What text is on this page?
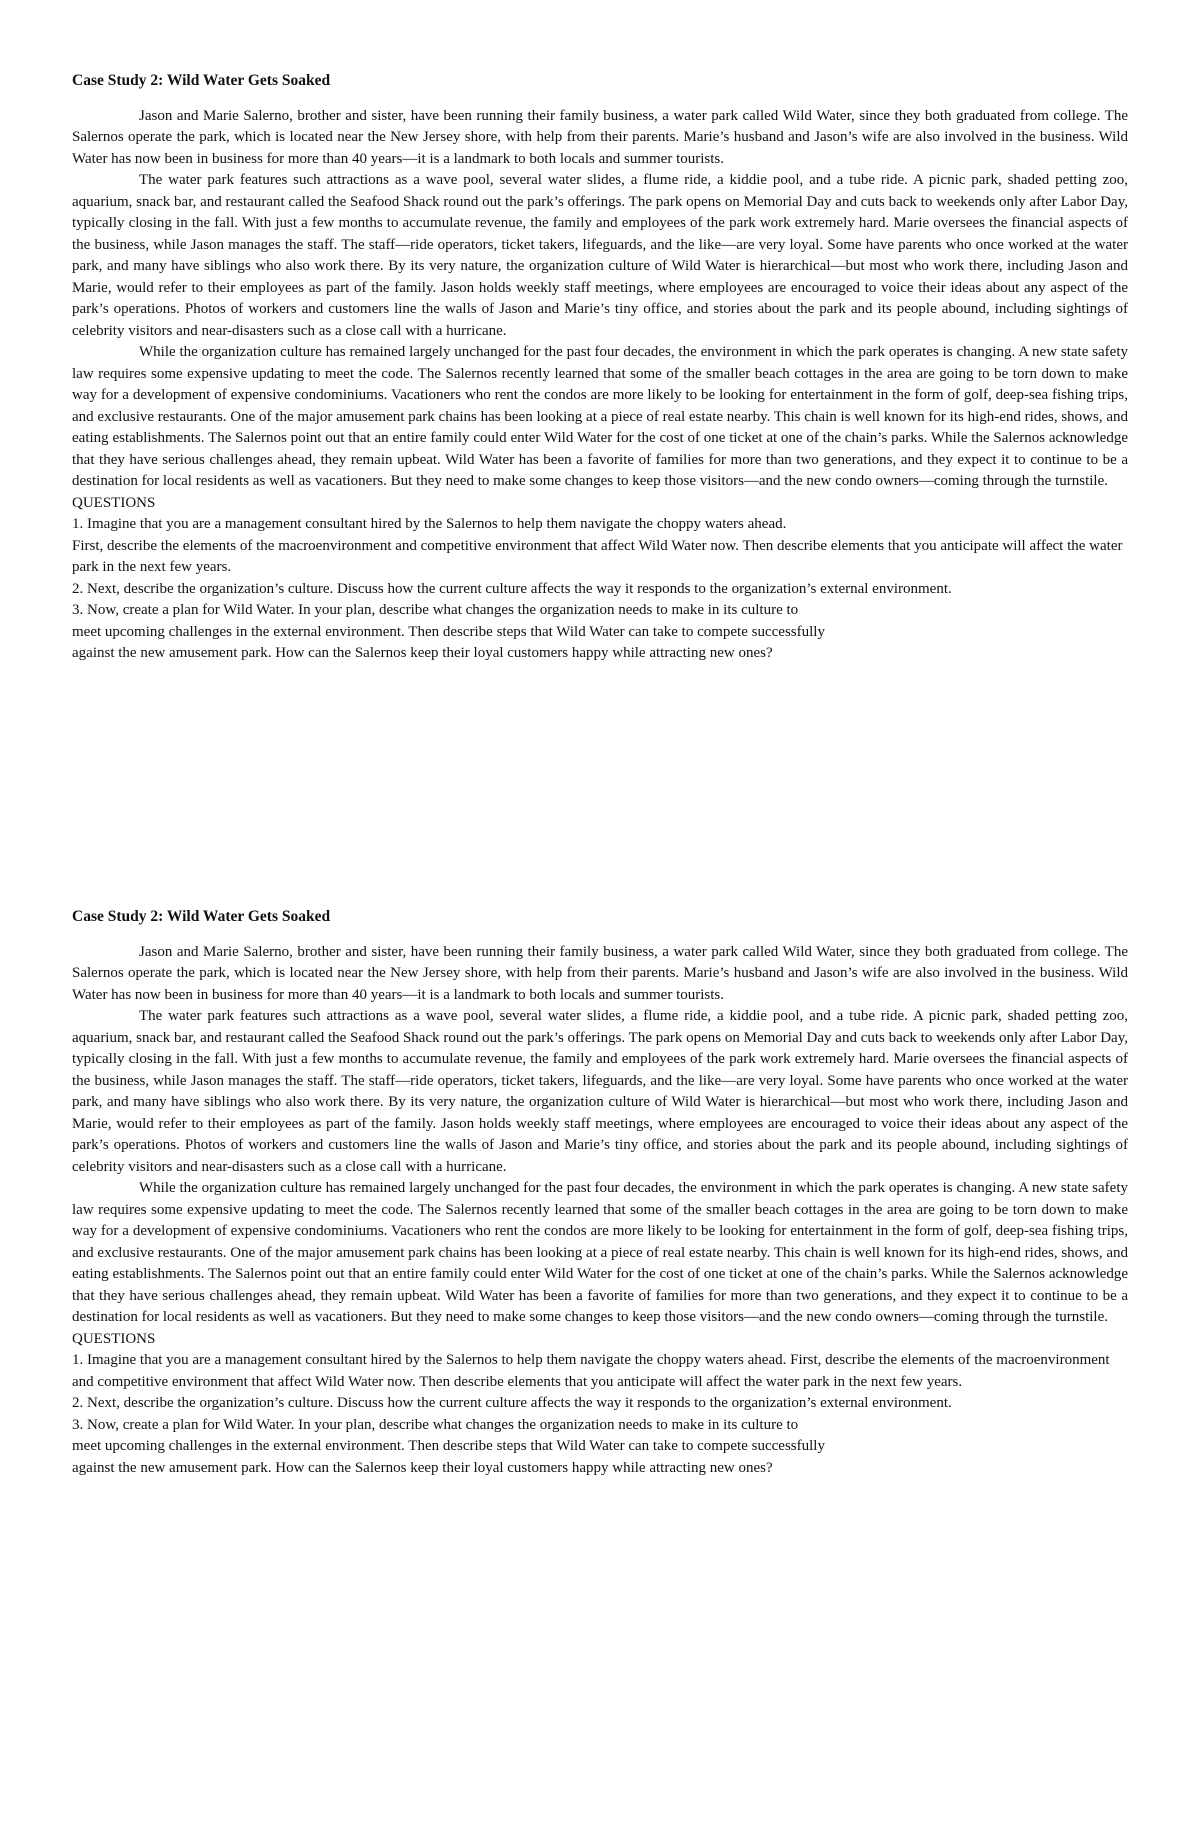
Case Study 2: Wild Water Gets Soaked

Jason and Marie Salerno, brother and sister, have been running their family business, a water park called Wild Water, since they both graduated from college. The Salernos operate the park, which is located near the New Jersey shore, with help from their parents. Marie’s husband and Jason’s wife are also involved in the business. Wild Water has now been in business for more than 40 years—it is a landmark to both locals and summer tourists.

The water park features such attractions as a wave pool, several water slides, a flume ride, a kiddie pool, and a tube ride. A picnic park, shaded petting zoo, aquarium, snack bar, and restaurant called the Seafood Shack round out the park’s offerings. The park opens on Memorial Day and cuts back to weekends only after Labor Day, typically closing in the fall. With just a few months to accumulate revenue, the family and employees of the park work extremely hard. Marie oversees the financial aspects of the business, while Jason manages the staff. The staff—ride operators, ticket takers, lifeguards, and the like—are very loyal. Some have parents who once worked at the water park, and many have siblings who also work there. By its very nature, the organization culture of Wild Water is hierarchical—but most who work there, including Jason and Marie, would refer to their employees as part of the family. Jason holds weekly staff meetings, where employees are encouraged to voice their ideas about any aspect of the park’s operations. Photos of workers and customers line the walls of Jason and Marie’s tiny office, and stories about the park and its people abound, including sightings of celebrity visitors and near-disasters such as a close call with a hurricane.

While the organization culture has remained largely unchanged for the past four decades, the environment in which the park operates is changing. A new state safety law requires some expensive updating to meet the code. The Salernos recently learned that some of the smaller beach cottages in the area are going to be torn down to make way for a development of expensive condominiums. Vacationers who rent the condos are more likely to be looking for entertainment in the form of golf, deep-sea fishing trips, and exclusive restaurants. One of the major amusement park chains has been looking at a piece of real estate nearby. This chain is well known for its high-end rides, shows, and eating establishments. The Salernos point out that an entire family could enter Wild Water for the cost of one ticket at one of the chain’s parks. While the Salernos acknowledge that they have serious challenges ahead, they remain upbeat. Wild Water has been a favorite of families for more than two generations, and they expect it to continue to be a destination for local residents as well as vacationers. But they need to make some changes to keep those visitors—and the new condo owners—coming through the turnstile.

QUESTIONS
1. Imagine that you are a management consultant hired by the Salernos to help them navigate the choppy waters ahead.
First, describe the elements of the macroenvironment and competitive environment that affect Wild Water now. Then describe elements that you anticipate will affect the water park in the next few years.
2. Next, describe the organization’s culture. Discuss how the current culture affects the way it responds to the organization’s external environment.
3. Now, create a plan for Wild Water. In your plan, describe what changes the organization needs to make in its culture to
meet upcoming challenges in the external environment. Then describe steps that Wild Water can take to compete successfully
against the new amusement park. How can the Salernos keep their loyal customers happy while attracting new ones?
Case Study 2: Wild Water Gets Soaked

Jason and Marie Salerno, brother and sister, have been running their family business, a water park called Wild Water, since they both graduated from college. The Salernos operate the park, which is located near the New Jersey shore, with help from their parents. Marie’s husband and Jason’s wife are also involved in the business. Wild Water has now been in business for more than 40 years—it is a landmark to both locals and summer tourists.

The water park features such attractions as a wave pool, several water slides, a flume ride, a kiddie pool, and a tube ride. A picnic park, shaded petting zoo, aquarium, snack bar, and restaurant called the Seafood Shack round out the park’s offerings. The park opens on Memorial Day and cuts back to weekends only after Labor Day, typically closing in the fall. With just a few months to accumulate revenue, the family and employees of the park work extremely hard. Marie oversees the financial aspects of the business, while Jason manages the staff. The staff—ride operators, ticket takers, lifeguards, and the like—are very loyal. Some have parents who once worked at the water park, and many have siblings who also work there. By its very nature, the organization culture of Wild Water is hierarchical—but most who work there, including Jason and Marie, would refer to their employees as part of the family. Jason holds weekly staff meetings, where employees are encouraged to voice their ideas about any aspect of the park’s operations. Photos of workers and customers line the walls of Jason and Marie’s tiny office, and stories about the park and its people abound, including sightings of celebrity visitors and near-disasters such as a close call with a hurricane.

While the organization culture has remained largely unchanged for the past four decades, the environment in which the park operates is changing. A new state safety law requires some expensive updating to meet the code. The Salernos recently learned that some of the smaller beach cottages in the area are going to be torn down to make way for a development of expensive condominiums. Vacationers who rent the condos are more likely to be looking for entertainment in the form of golf, deep-sea fishing trips, and exclusive restaurants. One of the major amusement park chains has been looking at a piece of real estate nearby. This chain is well known for its high-end rides, shows, and eating establishments. The Salernos point out that an entire family could enter Wild Water for the cost of one ticket at one of the chain’s parks. While the Salernos acknowledge that they have serious challenges ahead, they remain upbeat. Wild Water has been a favorite of families for more than two generations, and they expect it to continue to be a destination for local residents as well as vacationers. But they need to make some changes to keep those visitors—and the new condo owners—coming through the turnstile.

QUESTIONS
1. Imagine that you are a management consultant hired by the Salernos to help them navigate the choppy waters ahead. First, describe the elements of the macroenvironment and competitive environment that affect Wild Water now. Then describe elements that you anticipate will affect the water park in the next few years.
2. Next, describe the organization’s culture. Discuss how the current culture affects the way it responds to the organization’s external environment.
3. Now, create a plan for Wild Water. In your plan, describe what changes the organization needs to make in its culture to
meet upcoming challenges in the external environment. Then describe steps that Wild Water can take to compete successfully
against the new amusement park. How can the Salernos keep their loyal customers happy while attracting new ones?
